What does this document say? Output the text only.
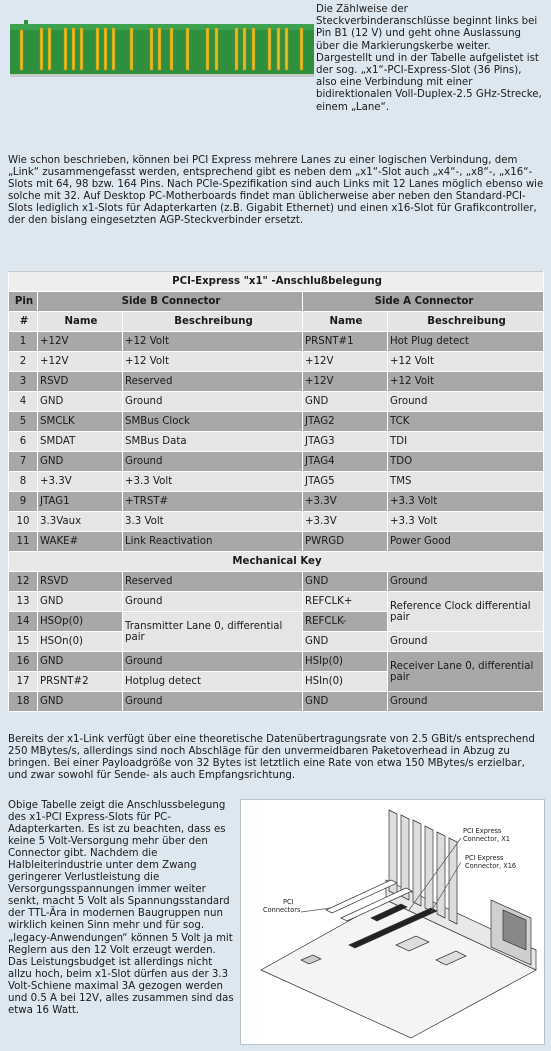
Die Zählweise der Steckverbinderanschlüsse beginnt links bei Pin B1 (12 V) und geht ohne Auslassung über die Markierungskerbe weiter. Dargestellt und in der Tabelle aufgelistet ist der sog. „x1“-PCI-Express-Slot (36 Pins), also eine Verbindung mit einer bidirektionalen Voll-Duplex-2.5 GHz-Strecke, einem „Lane“.
Wie schon beschrieben, können bei PCI Express mehrere Lanes zu einer logischen Verbindung, dem „Link“ zusammengefasst werden, entsprechend gibt es neben dem „x1“-Slot auch „x4“-, „x8“-, „x16“-Slots mit 64, 98 bzw. 164 Pins. Nach PCIe-Spezifikation sind auch Links mit 12 Lanes möglich ebenso wie solche mit 32. Auf Desktop PC-Motherboards findet man üblicherweise aber neben den Standard-PCI-Slots lediglich x1-Slots für Adapterkarten (z.B. Gigabit Ethernet) und einen x16-Slot für Grafikcontroller, der den bislang eingesetzten AGP-Steckverbinder ersetzt.
PCI-Express "x1" -Anschlußbelegung				
Pin	Side B Connector		Side A Connector	
#	Name	Beschreibung	Name	Beschreibung
1	+12V	+12 Volt	PRSNT#1	Hot Plug detect
2	+12V	+12 Volt	+12V	+12 Volt
3	RSVD	Reserved	+12V	+12 Volt
4	GND	Ground	GND	Ground
5	SMCLK	SMBus Clock	JTAG2	TCK
6	SMDAT	SMBus Data	JTAG3	TDI
7	GND	Ground	JTAG4	TDO
8	+3.3V	+3.3 Volt	JTAG5	TMS
9	JTAG1	+TRST#	+3.3V	+3.3 Volt
10	3.3Vaux	3.3 Volt	+3.3V	+3.3 Volt
11	WAKE#	Link Reactivation	PWRGD	Power Good
Mechanical Key				
12	RSVD	Reserved	GND	Ground
13	GND	Ground	REFCLK+	Reference Clock differential pair
14	HSOp(0)	Transmitter Lane 0, differential pair	REFCLK-	
15	HSOn(0)		GND	Ground
16	GND	Ground	HSIp(0)	Receiver Lane 0, differential pair
17	PRSNT#2	Hotplug detect	HSIn(0)	
18	GND	Ground	GND	Ground
Bereits der x1-Link verfügt über eine theoretische Datenübertragungsrate von 2.5 GBit/s entsprechend 250 MBytes/s, allerdings sind noch Abschläge für den unvermeidbaren Paketoverhead in Abzug zu bringen. Bei einer Payloadgröße von 32 Bytes ist letztlich eine Rate von etwa 150 MBytes/s erzielbar, und zwar sowohl für Sende- als auch Empfangsrichtung.
Obige Tabelle zeigt die Anschlussbelegung des x1-PCI Express-Slots für PC-Adapterkarten. Es ist zu beachten, dass es keine 5 Volt-Versorgung mehr über den Connector gibt. Nachdem die Halbleiterindustrie unter dem Zwang geringerer Verlustleistung die Versorgungsspannungen immer weiter senkt, macht 5 Volt als Spannungsstandard der TTL-Ära in modernen Baugruppen nun wirklich keinen Sinn mehr und für sog. „legacy-Anwendungen“ können 5 Volt ja mit Reglern aus den 12 Volt erzeugt werden. Das Leistungsbudget ist allerdings nicht allzu hoch, beim x1-Slot dürfen aus der 3.3 Volt-Schiene maximal 3A gezogen werden und 0.5 A bei 12V, alles zusammen sind das etwa 16 Watt.
PCI Express
Connector, X1
PCI Express
Connector, X16
PCI
Connectors
